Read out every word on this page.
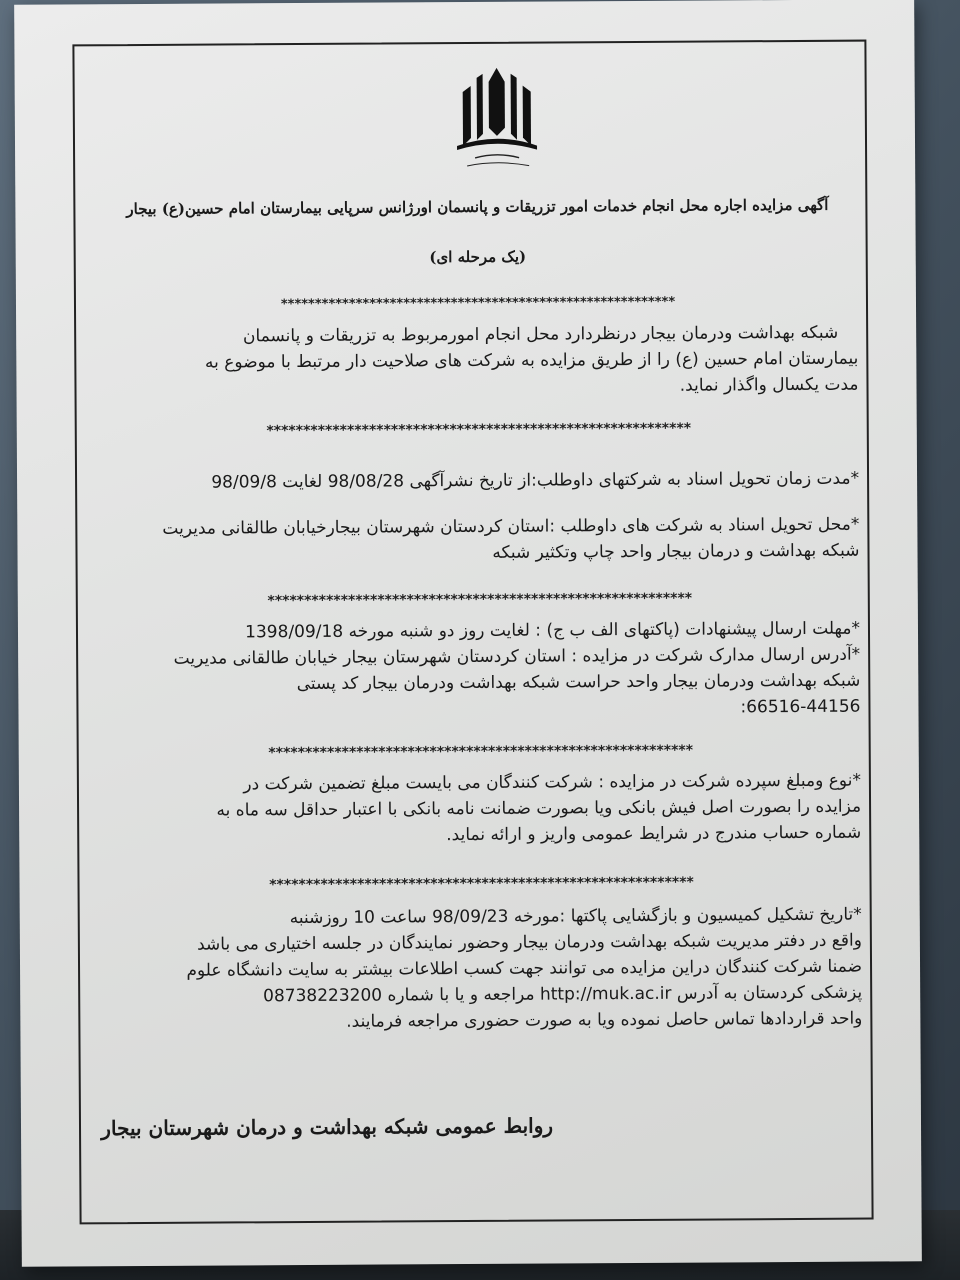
آگهی مزایده اجاره محل انجام خدمات امور تزریقات و پانسمان اورژانس سرپایی بیمارستان امام حسین(ع) بیجار
(یک مرحله ای)
**********************************************************
شبکه بهداشت ودرمان بیجار درنظردارد محل انجام امورمربوط به تزریقات و پانسمان
بیمارستان امام حسین (ع) را از طریق مزایده به شرکت های صلاحیت دار مرتبط با موضوع به
مدت یکسال واگذار نماید.
**********************************************************
*مدت زمان تحویل اسناد به شرکتهای داوطلب:از تاریخ نشرآگهی 98/08/28 لغایت 98/09/8
*محل تحویل اسناد به شرکت های داوطلب :استان کردستان شهرستان بیجارخیابان طالقانی مدیریت
شبکه بهداشت و درمان بیجار واحد چاپ وتکثیر شبکه
**********************************************************
*مهلت ارسال پیشنهادات (پاکتهای الف ب ج) : لغایت روز دو شنبه مورخه 1398/09/18
*آدرس ارسال مدارک شرکت در مزایده : استان کردستان شهرستان بیجار خیابان طالقانی مدیریت
شبکه بهداشت ودرمان بیجار واحد حراست شبکه بهداشت ودرمان بیجار کد پستی
66516-44156:
**********************************************************
*نوع ومبلغ سپرده شرکت در مزایده : شرکت کنندگان می بایست مبلغ تضمین شرکت در
مزایده را بصورت اصل فیش بانکی ویا بصورت ضمانت نامه بانکی با اعتبار حداقل سه ماه به
شماره حساب مندرج در شرایط عمومی واریز و ارائه نماید.
**********************************************************
*تاریخ تشکیل کمیسیون و بازگشایی پاکتها :مورخه 98/09/23 ساعت 10 روزشنبه
واقع در دفتر مدیریت شبکه بهداشت ودرمان بیجار وحضور نمایندگان در جلسه اختیاری می باشد
ضمنا شرکت کنندگان دراین مزایده می توانند جهت کسب اطلاعات بیشتر به سایت دانشگاه علوم
پزشکی کردستان به آدرس http://muk.ac.ir مراجعه و یا با شماره 08738223200
واحد قراردادها تماس حاصل نموده ویا به صورت حضوری مراجعه فرمایند.
روابط عمومی شبکه بهداشت و درمان شهرستان بیجار
